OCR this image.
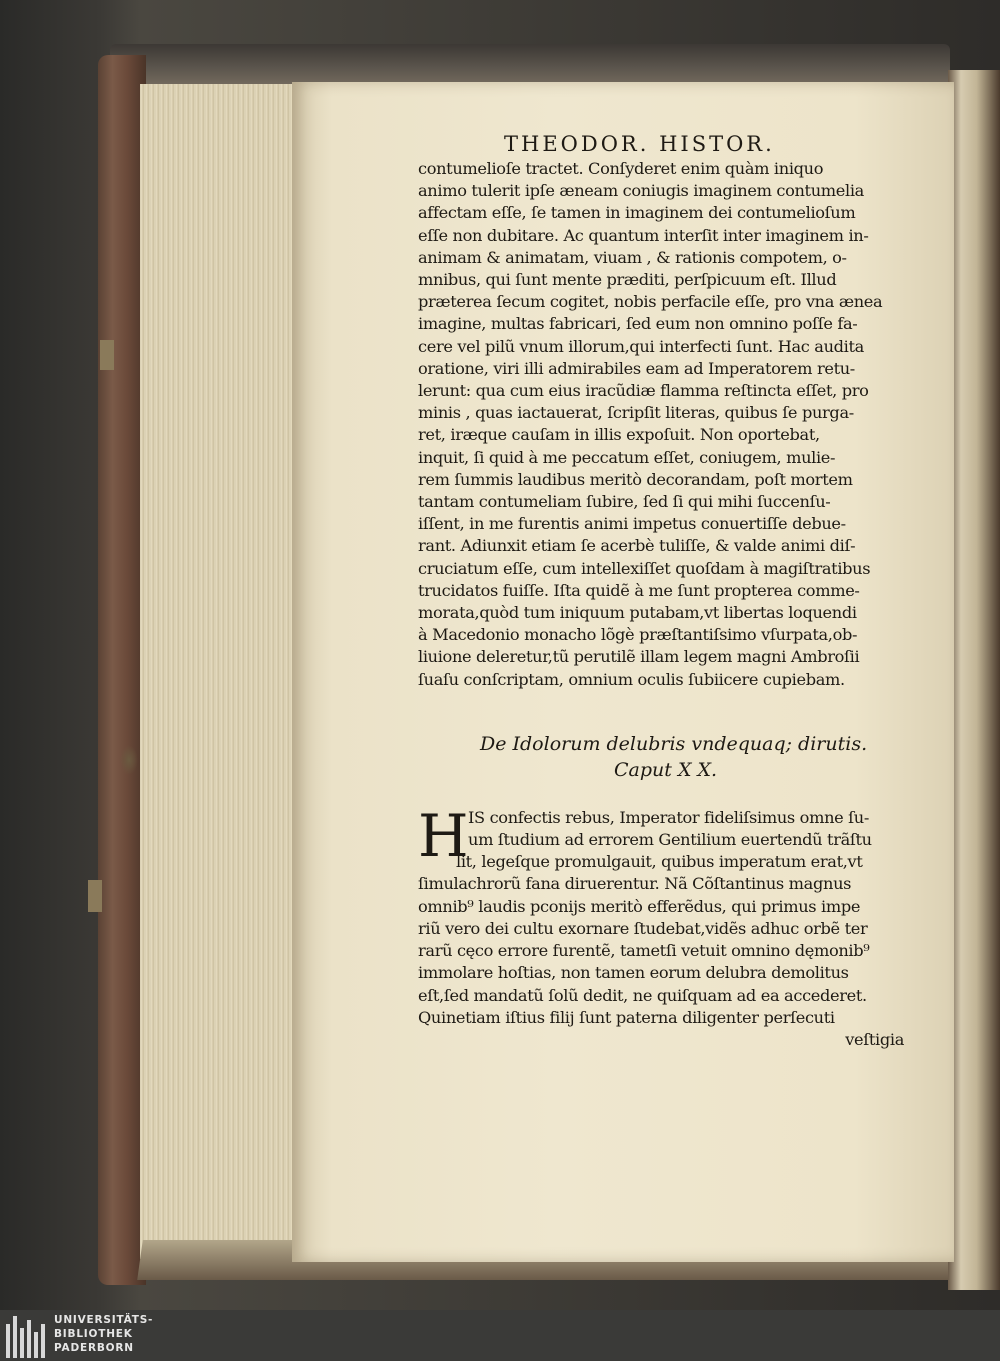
THEODOR. HISTOR.
contumelioſe tractet. Conſyderet enim quàm iniquo
animo tulerit ipſe æneam coniugis imaginem contumelia
affectam eſſe, ſe tamen in imaginem dei contumelioſum
eſſe non dubitare. Ac quantum interſit inter imaginem in-
animam & animatam, viuam , & rationis compotem, o-
mnibus, qui ſunt mente præditi, perſpicuum eſt. Illud
præterea ſecum cogitet, nobis perfacile eſſe, pro vna ænea
imagine, multas fabricari, ſed eum non omnino poſſe fa-
cere vel pilũ vnum illorum,qui interfecti ſunt. Hac audita
oratione, viri illi admirabiles eam ad Imperatorem retu-
lerunt: qua cum eius iracũdiæ flamma reſtincta eſſet, pro
minis , quas iactauerat, ſcripſit literas, quibus ſe purga-
ret, iræque cauſam in illis expoſuit. Non oportebat,
inquit, ſi quid à me peccatum eſſet, coniugem, mulie-
rem ſummis laudibus meritò decorandam, poſt mortem
tantam contumeliam ſubire, ſed ſi qui mihi ſuccenſu-
iſſent, in me furentis animi impetus conuertiſſe debue-
rant. Adiunxit etiam ſe acerbè tuliſſe, & valde animi diſ-
cruciatum eſſe, cum intellexiſſet quoſdam à magiſtratibus
trucidatos fuiſſe. Iſta quidẽ à me ſunt propterea comme-
morata,quòd tum iniquum putabam,vt libertas loquendi
à Macedonio monacho lõgè præſtantiſsimo vſurpata,ob-
liuione deleretur,tũ perutilẽ illam legem magni Ambroſii
ſuaſu conſcriptam, omnium oculis ſubiicere cupiebam.
De Idolorum delubris vndequaq; dirutis.
Caput X X.
H IS confectis rebus, Imperator fideliſsimus omne ſu-
um ſtudium ad errorem Gentilium euertendũ trãſtu
lit, legeſque promulgauit, quibus imperatum erat,vt
ſimulachrorũ fana diruerentur. Nã Cõſtantinus magnus
omnib⁹ laudis pconijs meritò efferẽdus, qui primus impe
riũ vero dei cultu exornare ſtudebat,vidẽs adhuc orbẽ ter
rarũ cęco errore furentẽ, tametſi vetuit omnino dęmonib⁹
immolare hoſtias, non tamen eorum delubra demolitus
eſt,ſed mandatũ ſolũ dedit, ne quiſquam ad ea accederet.
Quinetiam iſtius filij ſunt paterna diligenter perſecuti
veſtigia
UNIVERSITÄTS-
BIBLIOTHEK
PADERBORN
